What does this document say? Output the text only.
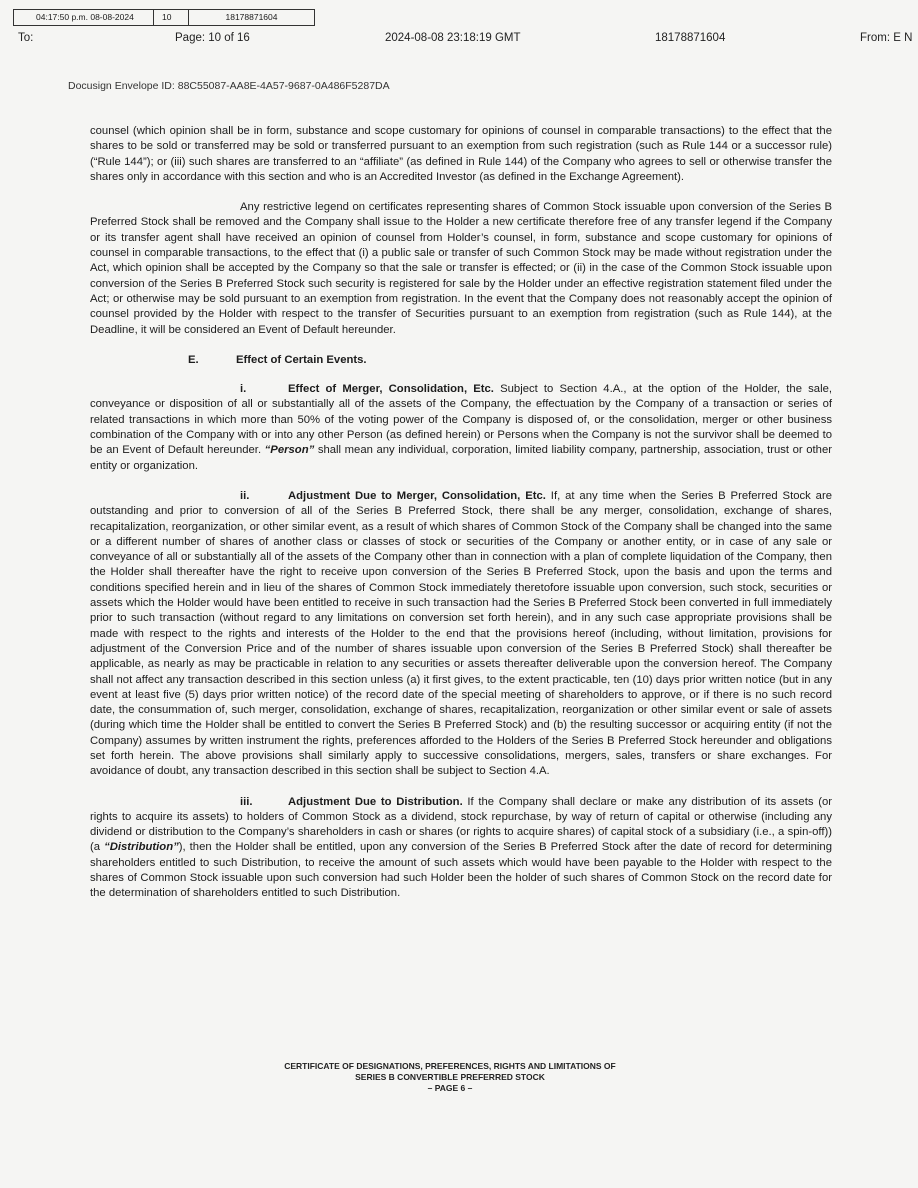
04:17:50 p.m. 08-08-2024	10	18178871604
To:	Page: 10 of 16	2024-08-08 23:18:19 GMT	18178871604	From: E N
Docusign Envelope ID: 88C55087-AA8E-4A57-9687-0A486F5287DA

counsel (which opinion shall be in form, substance and scope customary for opinions of counsel in comparable transactions) to the effect that the shares to be sold or transferred may be sold or transferred pursuant to an exemption from such registration (such as Rule 144 or a successor rule) (“Rule 144”); or (iii) such shares are transferred to an “affiliate” (as defined in Rule 144) of the Company who agrees to sell or otherwise transfer the shares only in accordance with this section and who is an Accredited Investor (as defined in the Exchange Agreement).

Any restrictive legend on certificates representing shares of Common Stock issuable upon conversion of the Series B Preferred Stock shall be removed and the Company shall issue to the Holder a new certificate therefore free of any transfer legend if the Company or its transfer agent shall have received an opinion of counsel from Holder’s counsel, in form, substance and scope customary for opinions of counsel in comparable transactions, to the effect that (i) a public sale or transfer of such Common Stock may be made without registration under the Act, which opinion shall be accepted by the Company so that the sale or transfer is effected; or (ii) in the case of the Common Stock issuable upon conversion of the Series B Preferred Stock such security is registered for sale by the Holder under an effective registration statement filed under the Act; or otherwise may be sold pursuant to an exemption from registration. In the event that the Company does not reasonably accept the opinion of counsel provided by the Holder with respect to the transfer of Securities pursuant to an exemption from registration (such as Rule 144), at the Deadline, it will be considered an Event of Default hereunder.

E.	Effect of Certain Events.

i.	Effect of Merger, Consolidation, Etc. Subject to Section 4.A., at the option of the Holder, the sale, conveyance or disposition of all or substantially all of the assets of the Company, the effectuation by the Company of a transaction or series of related transactions in which more than 50% of the voting power of the Company is disposed of, or the consolidation, merger or other business combination of the Company with or into any other Person (as defined herein) or Persons when the Company is not the survivor shall be deemed to be an Event of Default hereunder. “Person” shall mean any individual, corporation, limited liability company, partnership, association, trust or other entity or organization.

ii.	Adjustment Due to Merger, Consolidation, Etc. If, at any time when the Series B Preferred Stock are outstanding and prior to conversion of all of the Series B Preferred Stock, there shall be any merger, consolidation, exchange of shares, recapitalization, reorganization, or other similar event, as a result of which shares of Common Stock of the Company shall be changed into the same or a different number of shares of another class or classes of stock or securities of the Company or another entity, or in case of any sale or conveyance of all or substantially all of the assets of the Company other than in connection with a plan of complete liquidation of the Company, then the Holder shall thereafter have the right to receive upon conversion of the Series B Preferred Stock, upon the basis and upon the terms and conditions specified herein and in lieu of the shares of Common Stock immediately theretofore issuable upon conversion, such stock, securities or assets which the Holder would have been entitled to receive in such transaction had the Series B Preferred Stock been converted in full immediately prior to such transaction (without regard to any limitations on conversion set forth herein), and in any such case appropriate provisions shall be made with respect to the rights and interests of the Holder to the end that the provisions hereof (including, without limitation, provisions for adjustment of the Conversion Price and of the number of shares issuable upon conversion of the Series B Preferred Stock) shall thereafter be applicable, as nearly as may be practicable in relation to any securities or assets thereafter deliverable upon the conversion hereof. The Company shall not affect any transaction described in this section unless (a) it first gives, to the extent practicable, ten (10) days prior written notice (but in any event at least five (5) days prior written notice) of the record date of the special meeting of shareholders to approve, or if there is no such record date, the consummation of, such merger, consolidation, exchange of shares, recapitalization, reorganization or other similar event or sale of assets (during which time the Holder shall be entitled to convert the Series B Preferred Stock) and (b) the resulting successor or acquiring entity (if not the Company) assumes by written instrument the rights, preferences afforded to the Holders of the Series B Preferred Stock hereunder and obligations set forth herein. The above provisions shall similarly apply to successive consolidations, mergers, sales, transfers or share exchanges. For avoidance of doubt, any transaction described in this section shall be subject to Section 4.A.

iii.	Adjustment Due to Distribution. If the Company shall declare or make any distribution of its assets (or rights to acquire its assets) to holders of Common Stock as a dividend, stock repurchase, by way of return of capital or otherwise (including any dividend or distribution to the Company’s shareholders in cash or shares (or rights to acquire shares) of capital stock of a subsidiary (i.e., a spin-off)) (a “Distribution”), then the Holder shall be entitled, upon any conversion of the Series B Preferred Stock after the date of record for determining shareholders entitled to such Distribution, to receive the amount of such assets which would have been payable to the Holder with respect to the shares of Common Stock issuable upon such conversion had such Holder been the holder of such shares of Common Stock on the record date for the determination of shareholders entitled to such Distribution.

CERTIFICATE OF DESIGNATIONS, PREFERENCES, RIGHTS AND LIMITATIONS OF
SERIES B CONVERTIBLE PREFERRED STOCK
– PAGE 6 –
